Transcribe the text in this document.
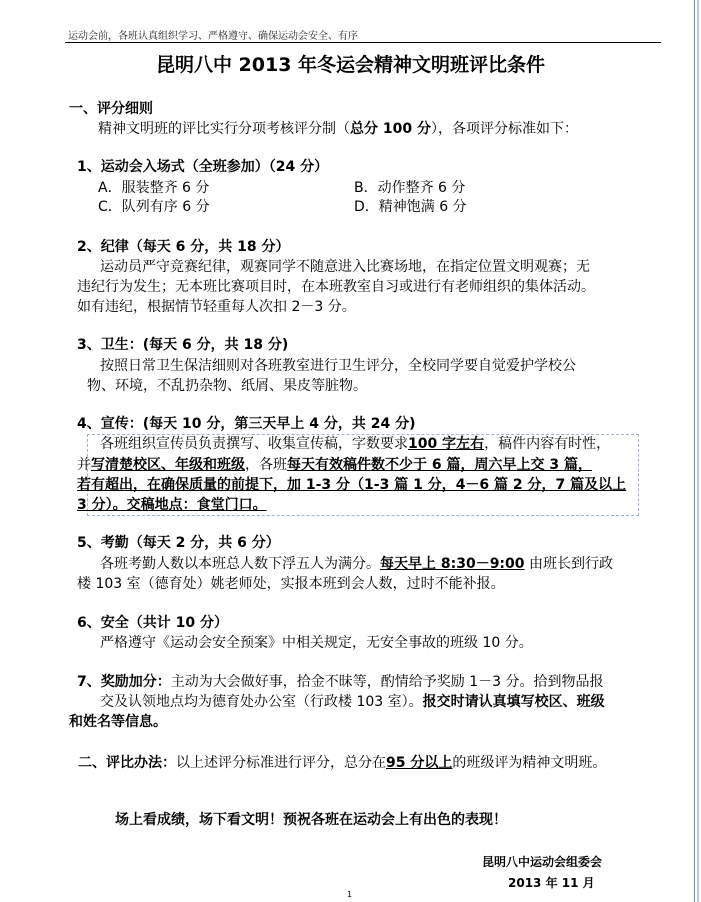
运动会前，各班认真组织学习、严格遵守、确保运动会安全、有序
昆明八中 2013 年冬运会精神文明班评比条件
一、评分细则
精神文明班的评比实行分项考核评分制（总分 100 分），各项评分标准如下：
1、运动会入场式（全班参加）（24 分）
A．服装整齐 6 分	B．动作整齐 6 分
C．队列有序 6 分	D．精神饱满 6 分
2、纪律（每天 6 分，共 18 分）
运动员严守竞赛纪律，观赛同学不随意进入比赛场地，在指定位置文明观赛；无
违纪行为发生；无本班比赛项目时，在本班教室自习或进行有老师组织的集体活动。
如有违纪，根据情节轻重每人次扣 2－3 分。
3、卫生：(每天 6 分，共 18 分)
按照日常卫生保洁细则对各班教室进行卫生评分，全校同学要自觉爱护学校公
物、环境，不乱扔杂物、纸屑、果皮等脏物。
4、宣传：(每天 10 分，第三天早上 4 分，共 24 分)
各班组织宣传员负责撰写、收集宣传稿，字数要求100 字左右，稿件内容有时性，
并写清楚校区、年级和班级，各班每天有效稿件数不少于 6 篇，周六早上交 3 篇，
若有超出，在确保质量的前提下，加 1-3 分（1-3 篇 1 分，4－6 篇 2 分，7 篇及以上
3 分）。交稿地点：食堂门口。
5、考勤（每天 2 分，共 6 分）
各班考勤人数以本班总人数下浮五人为满分。每天早上 8:30－9:00 由班长到行政
楼 103 室（德育处）姚老师处，实报本班到会人数，过时不能补报。
6、安全（共计 10 分）
严格遵守《运动会安全预案》中相关规定，无安全事故的班级 10 分。
7、奖励加分：主动为大会做好事，拾金不昧等，酌情给予奖励 1－3 分。拾到物品报
交及认领地点均为德育处办公室（行政楼 103 室）。报交时请认真填写校区、班级
和姓名等信息。
二、评比办法：以上述评分标准进行评分，总分在95 分以上的班级评为精神文明班。
场上看成绩，场下看文明！预祝各班在运动会上有出色的表现！
昆明八中运动会组委会
2013 年 11 月
1
